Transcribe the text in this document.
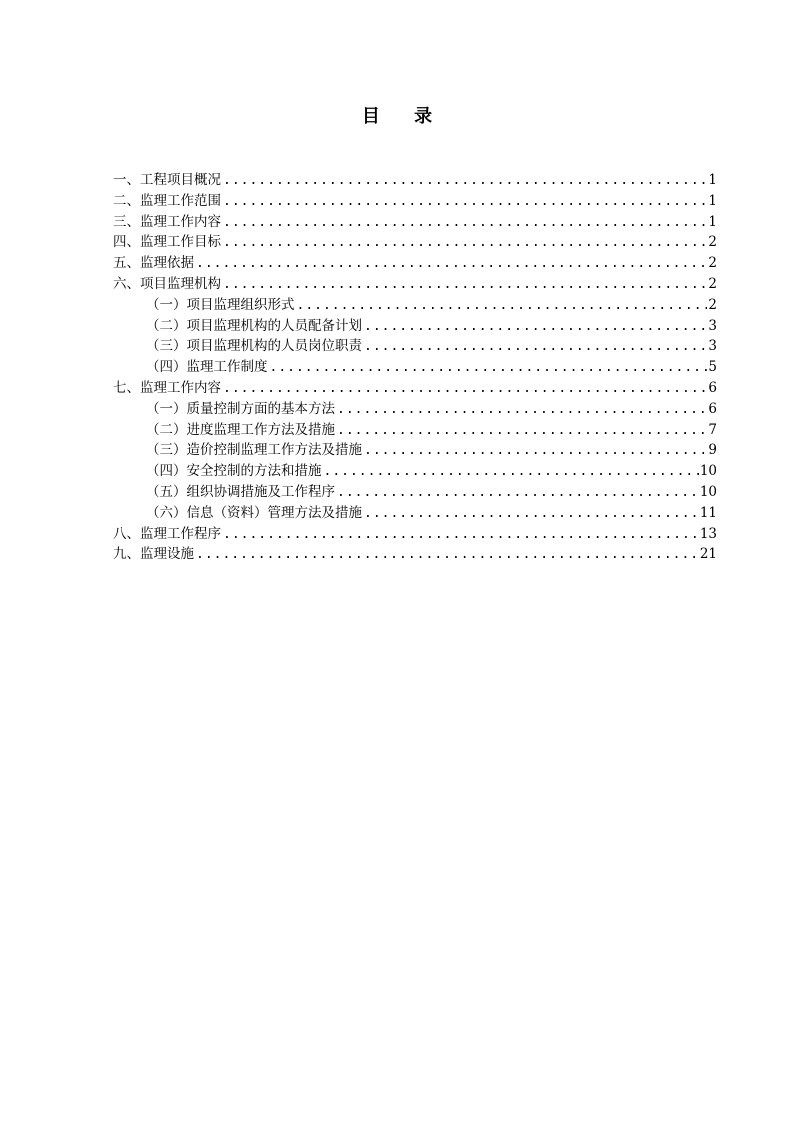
目 录
一、工程项目概况 .....	1
二、监理工作范围 .....	1
三、监理工作内容 .....	1
四、监理工作目标 .....	2
五、监理依据 .....	2
六、项目监理机构 .....	2
（一）项目监理组织形式 .....	2
（二）项目监理机构的人员配备计划 .....	3
（三）项目监理机构的人员岗位职责 .....	3
（四）监理工作制度 .....	5
七、监理工作内容 .....	6
（一）质量控制方面的基本方法 .....	6
（二）进度监理工作方法及措施 .....	7
（三）造价控制监理工作方法及措施 .....	9
（四）安全控制的方法和措施 .....	10
（五）组织协调措施及工作程序 .....	10
（六）信息（资料）管理方法及措施 .....	11
八、监理工作程序 .....	13
九、监理设施 .....	21
